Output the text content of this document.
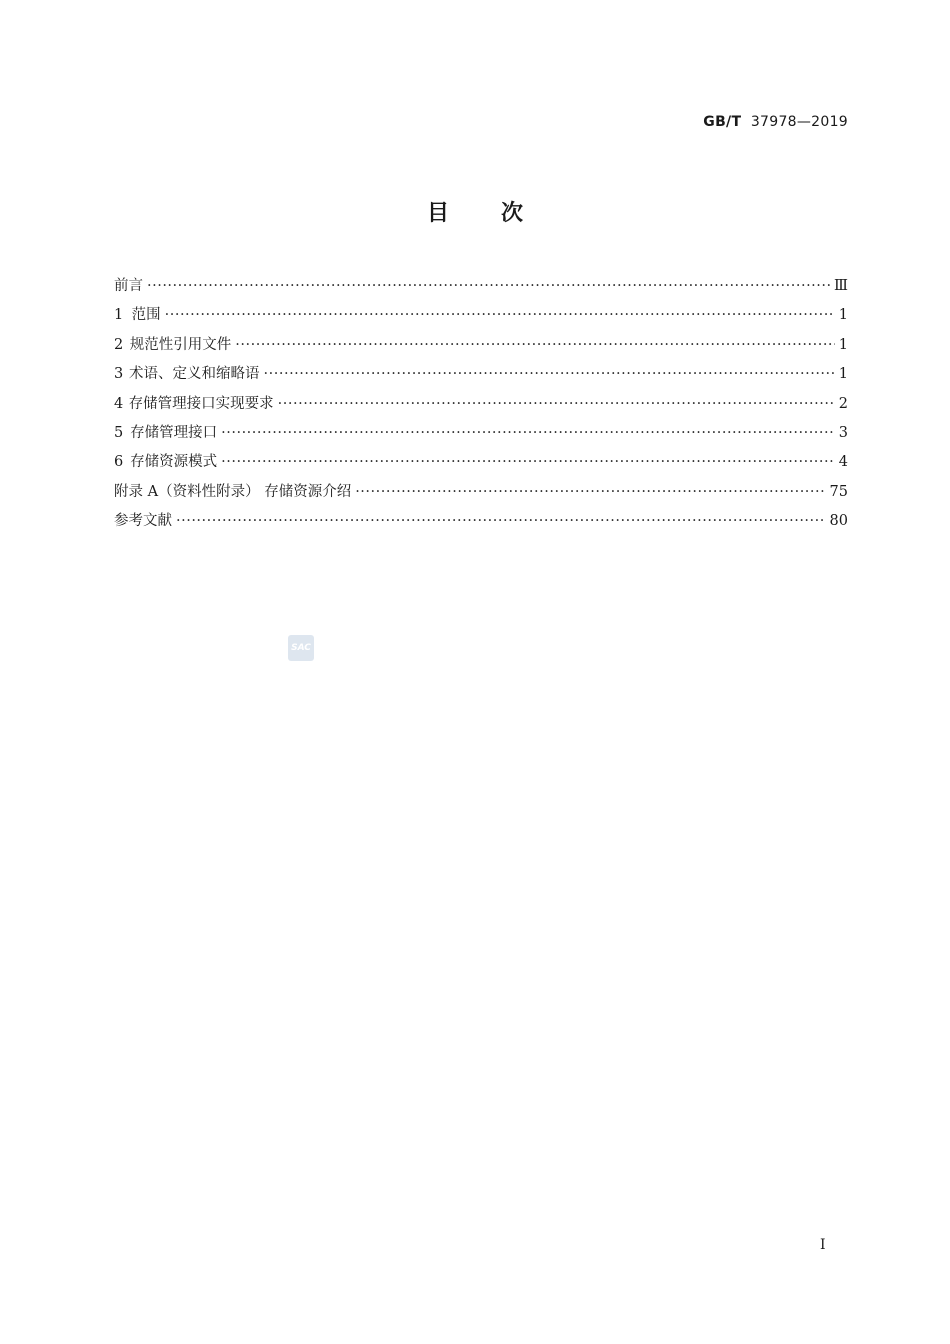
GB/T 37978—2019
目 次
前言 ·····	Ⅲ
1 范围 ·····	1
2 规范性引用文件 ·····	1
3 术语、定义和缩略语 ·····	1
4 存储管理接口实现要求 ·····	2
5 存储管理接口 ·····	3
6 存储资源模式 ·····	4
附录 A（资料性附录） 存储资源介绍 ·····	75
参考文献 ·····	80
SAC
I
